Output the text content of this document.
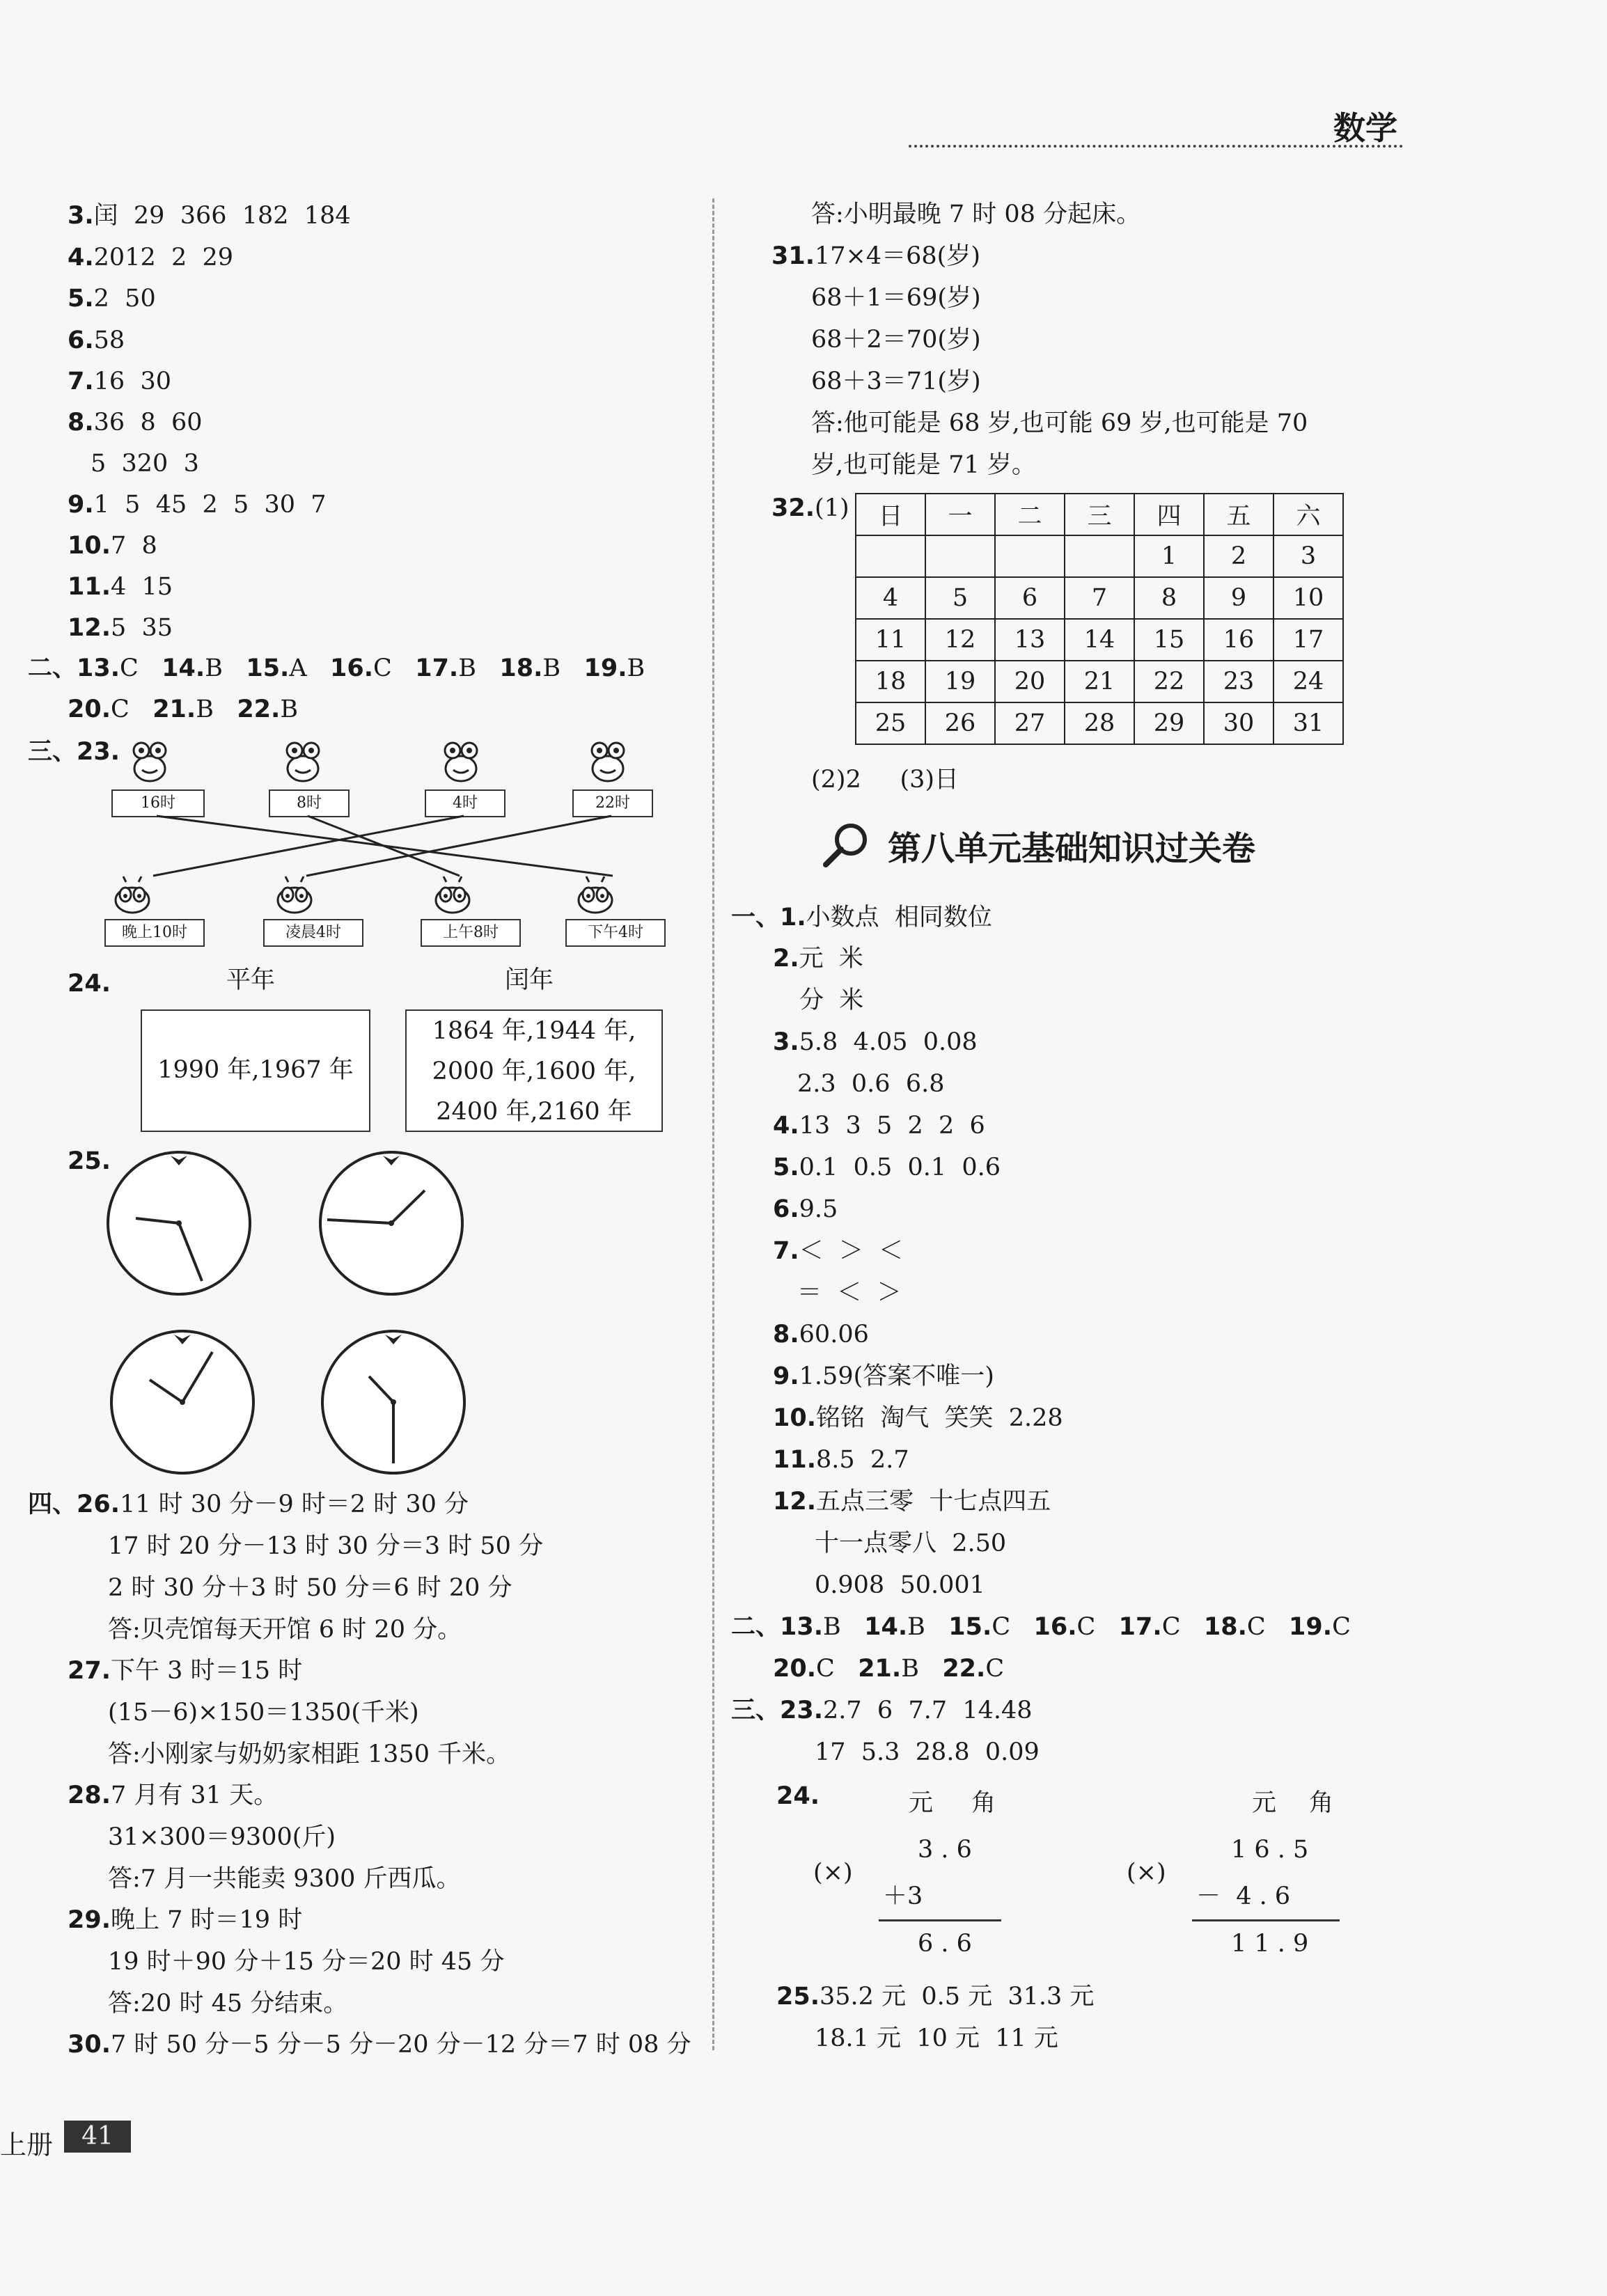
数学
3.闰  29  366  182  184
4.2012  2  29
5.2  50
6.58
7.16  30
8.36  8  60
5  320  3
9.1  5  45  2  5  30  7
10.7  8
11.4  15
12.5  35
二、13.C 14.B 15.A 16.C 17.B 18.B 19.B
20.C 21.B 22.B
三、23.
16时	8时	4时	22时
晚上10时	凌晨4时	上午8时	下午4时
24.	平年	闰年
1990 年,1967 年
1864 年,1944 年,
2000 年,1600 年,
2400 年,2160 年
25.
四、26.11 时 30 分－9 时＝2 时 30 分
17 时 20 分－13 时 30 分＝3 时 50 分
2 时 30 分＋3 时 50 分＝6 时 20 分
答:贝壳馆每天开馆 6 时 20 分。
27.下午 3 时＝15 时
(15－6)×150＝1350(千米)
答:小刚家与奶奶家相距 1350 千米。
28.7 月有 31 天。
31×300＝9300(斤)
答:7 月一共能卖 9300 斤西瓜。
29.晚上 7 时＝19 时
19 时＋90 分＋15 分＝20 时 45 分
答:20 时 45 分结束。
30.7 时 50 分－5 分－5 分－20 分－12 分＝7 时 08 分
答:小明最晚 7 时 08 分起床。
31.17×4＝68(岁)
68＋1＝69(岁)
68＋2＝70(岁)
68＋3＝71(岁)
答:他可能是 68 岁,也可能 69 岁,也可能是 70
岁,也可能是 71 岁。
32.(1) 日	一	二	三	四	五	六
				1	2	3
4	5	6	7	8	9	10
11	12	13	14	15	16	17
18	19	20	21	22	23	24
25	26	27	28	29	30	31
(2)2     (3)日
第八单元基础知识过关卷
一、1.小数点  相同数位
2.元  米
分  米
3.5.8  4.05  0.08
2.3  0.6  6.8
4.13  3  5  2  2  6
5.0.1  0.5  0.1  0.6
6.9.5
7.＜  ＞  ＜
＝  ＜  ＞
8.60.06
9.1.59(答案不唯一)
10.铭铭  淘气  笑笑  2.28
11.8.5  2.7
12.五点三零  十七点四五
十一点零八  2.50
0.908  50.001
二、13.B 14.B 15.C 16.C 17.C 18.C 19.C
20.C 21.B 22.C
三、23.2.7  6  7.7  14.48
17  5.3  28.8  0.09
24.	元 角
(×)
3 . 6
＋3
6 . 6
元 角
(×)
1 6 . 5
－  4 . 6
1 1 . 9
25.35.2 元  0.5 元  31.3 元
18.1 元  10 元  11 元
上册	41
